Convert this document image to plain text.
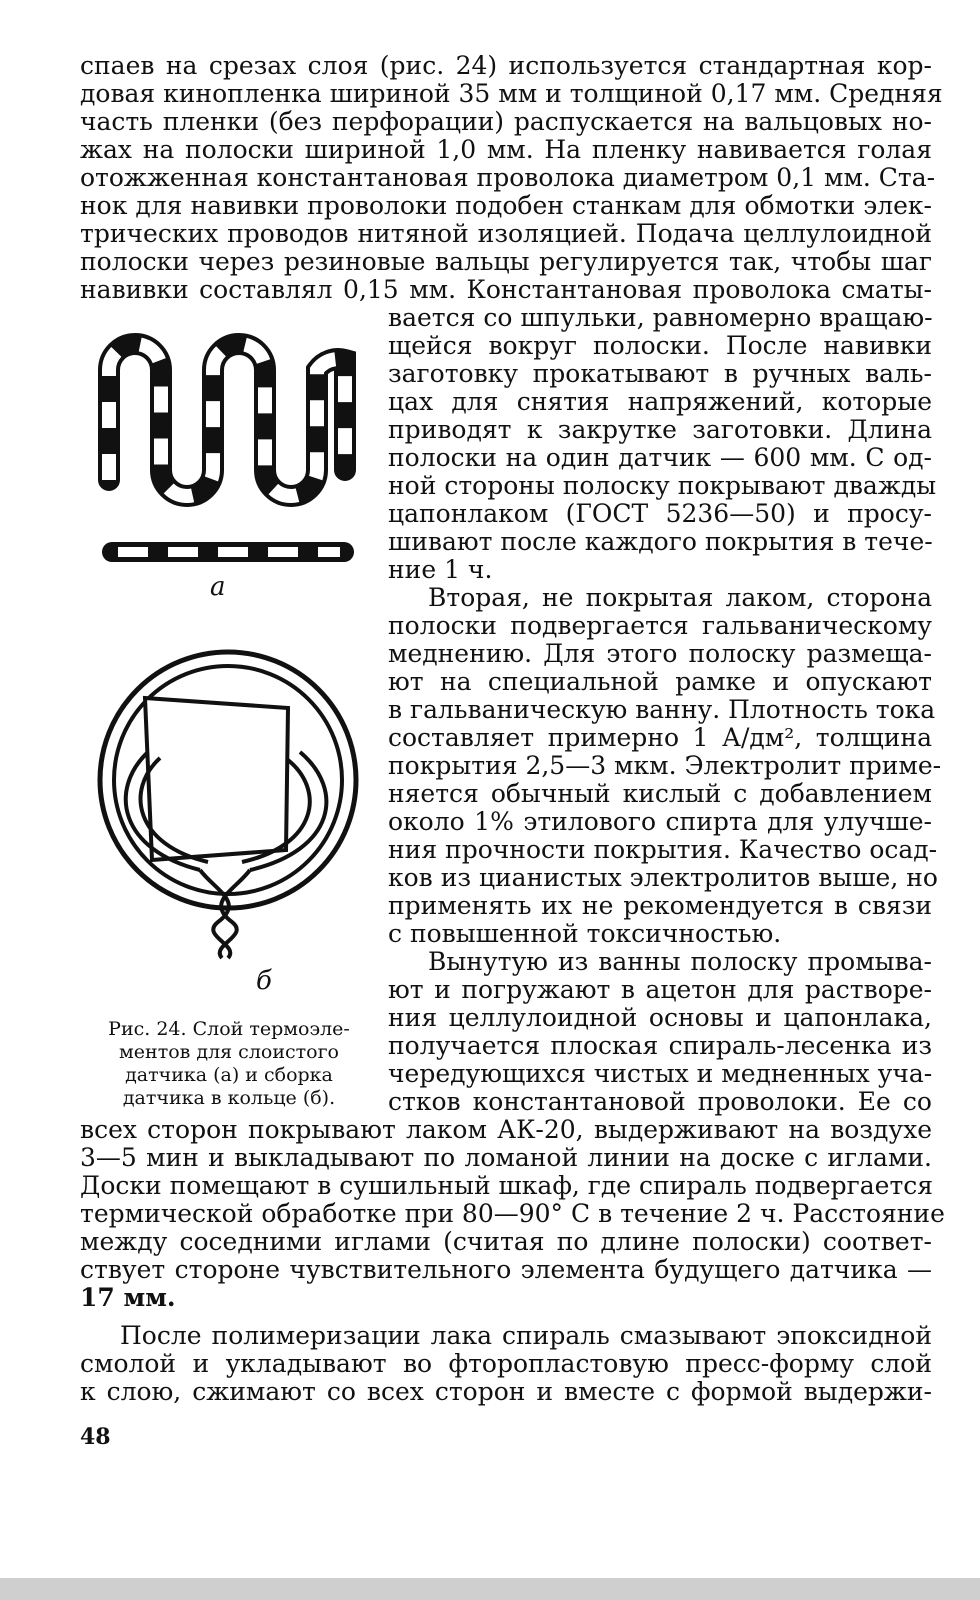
спаев на срезах слоя (рис. 24) используется стандартная кор-
довая кинопленка шириной 35 мм и толщиной 0,17 мм. Средняя
часть пленки (без перфорации) распускается на вальцовых но-
жах на полоски шириной 1,0 мм. На пленку навивается голая
отожженная константановая проволока диаметром 0,1 мм. Ста-
нок для навивки проволоки подобен станкам для обмотки элек-
трических проводов нитяной изоляцией. Подача целлулоидной
полоски через резиновые вальцы регулируется так, чтобы шаг
навивки составлял 0,15 мм. Константановая проволока сматы-
вается со шпульки, равномерно вращаю-
щейся вокруг полоски. После навивки
заготовку прокатывают в ручных валь-
цах для снятия напряжений, которые
приводят к закрутке заготовки. Длина
полоски на один датчик — 600 мм. С од-
ной стороны полоску покрывают дважды
цапонлаком (ГОСТ 5236—50) и просу-
шивают после каждого покрытия в тече-
ние 1 ч.
Вторая, не покрытая лаком, сторона
полоски подвергается гальваническому
меднению. Для этого полоску размеща-
ют на специальной рамке и опускают
в гальваническую ванну. Плотность тока
составляет примерно 1 А/дм², толщина
покрытия 2,5—3 мкм. Электролит приме-
няется обычный кислый с добавлением
около 1% этилового спирта для улучше-
ния прочности покрытия. Качество осад-
ков из цианистых электролитов выше, но
применять их не рекомендуется в связи
с повышенной токсичностью.
Вынутую из ванны полоску промыва-
ют и погружают в ацетон для растворе-
ния целлулоидной основы и цапонлака,
получается плоская спираль-лесенка из
чередующихся чистых и медненных уча-
стков константановой проволоки. Ее со
всех сторон покрывают лаком АК-20, выдерживают на воздухе
3—5 мин и выкладывают по ломаной линии на доске с иглами.
Доски помещают в сушильный шкаф, где спираль подвергается
термической обработке при 80—90° С в течение 2 ч. Расстояние
между соседними иглами (считая по длине полоски) соответ-
ствует стороне чувствительного элемента будущего датчика —
17 мм.
После полимеризации лака спираль смазывают эпоксидной
смолой и укладывают во фторопластовую пресс-форму слой
к слою, сжимают со всех сторон и вместе с формой выдержи-
а
б
Рис. 24. Слой термоэле-
ментов для слоистого
датчика (а) и сборка
датчика в кольце (б).
48
